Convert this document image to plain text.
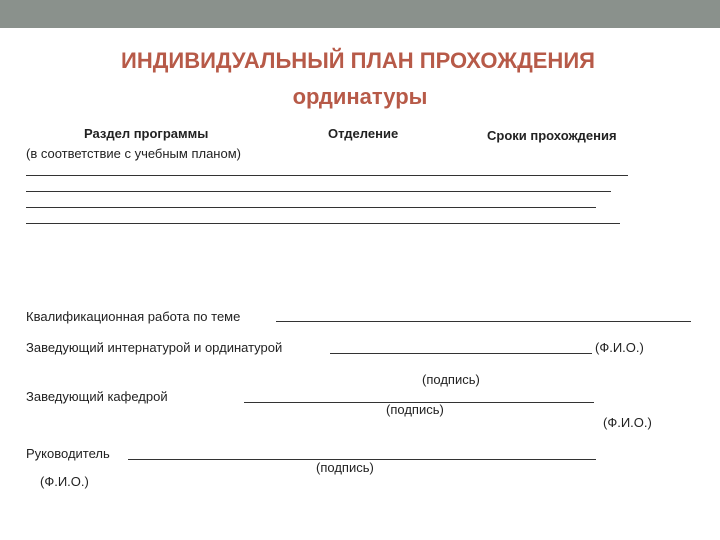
ИНДИВИДУАЛЬНЫЙ ПЛАН ПРОХОЖДЕНИЯ
ординатуры
Раздел программы	Отделение	Сроки прохождения
(в соответствие с учебным планом)
Квалификационная работа по теме
Заведующий интернатурой и ординатурой	(Ф.И.О.)
(подпись)
Заведующий кафедрой
(подпись)
(Ф.И.О.)
Руководитель
(подпись)
(Ф.И.О.)
